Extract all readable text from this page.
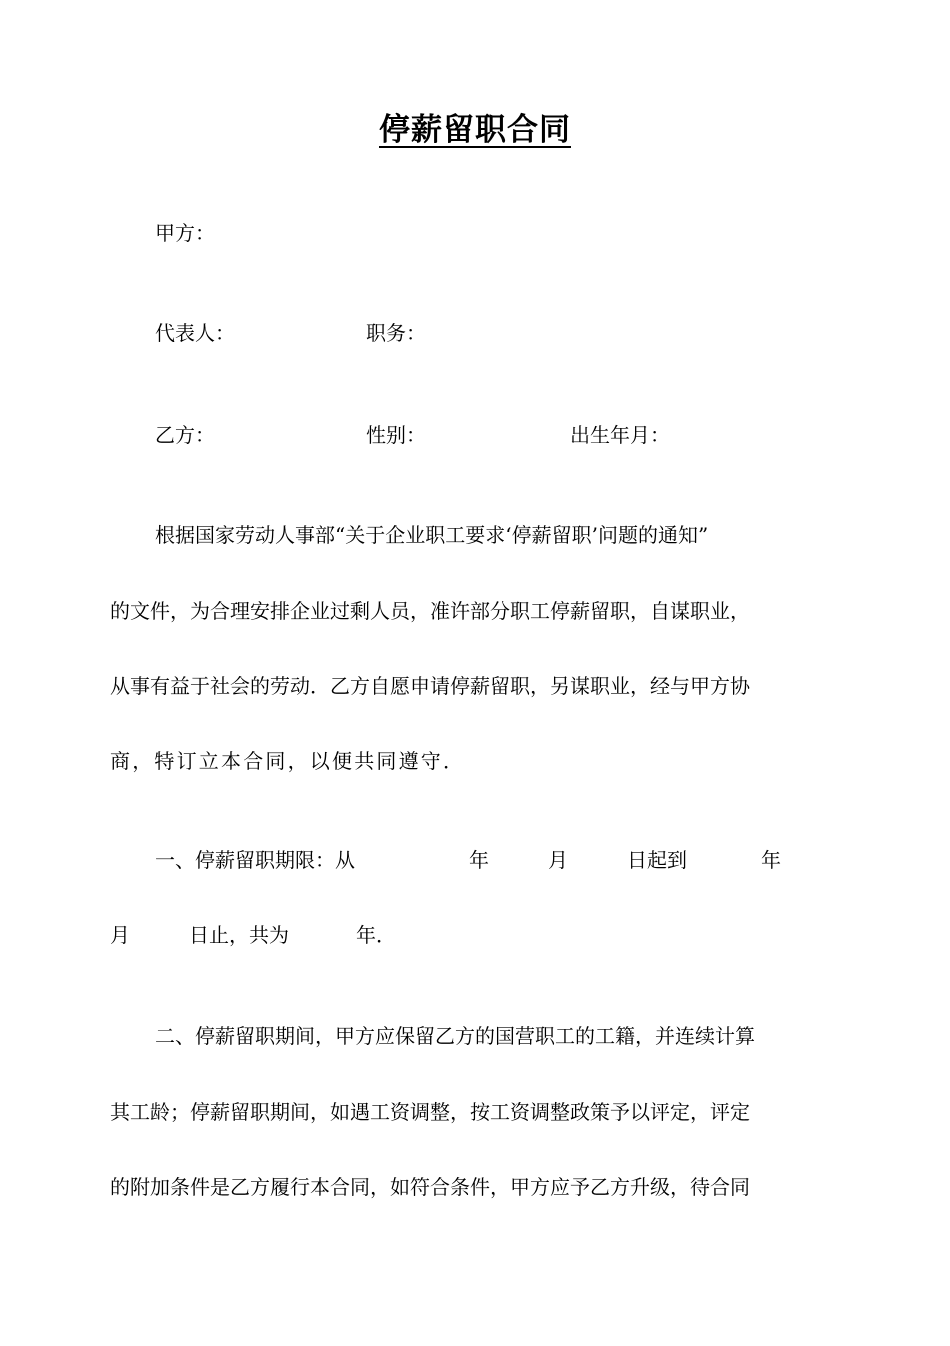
停薪留职合同
甲方：
代表人：	职务：
乙方：	性别：	出生年月：
根据国家劳动人事部“关于企业职工要求‘停薪留职’问题的通知”
的文件，为合理安排企业过剩人员，准许部分职工停薪留职，自谋职业，
从事有益于社会的劳动．乙方自愿申请停薪留职，另谋职业，经与甲方协
商，特订立本合同，以便共同遵守．
一、停薪留职期限：从	年	月	日起到	年
月	日止，共为	年．
二、停薪留职期间，甲方应保留乙方的国营职工的工籍，并连续计算
其工龄；停薪留职期间，如遇工资调整，按工资调整政策予以评定，评定
的附加条件是乙方履行本合同，如符合条件，甲方应予乙方升级，待合同
